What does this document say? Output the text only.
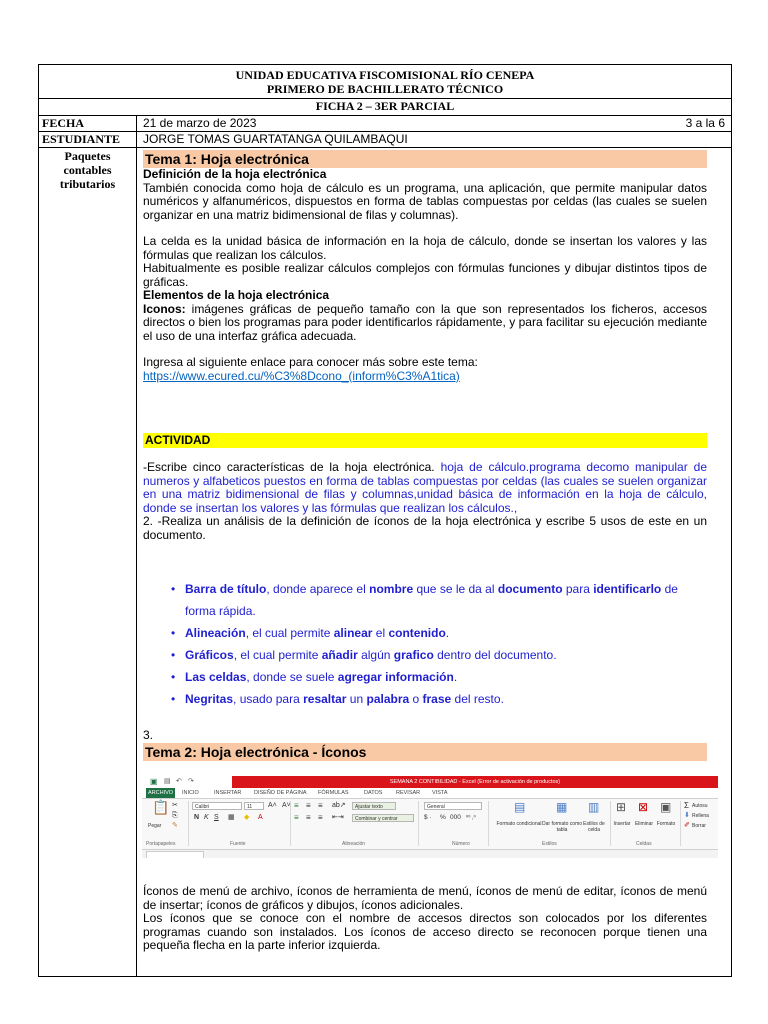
UNIDAD EDUCATIVA FISCOMISIONAL RÍO CENEPA
PRIMERO DE BACHILLERATO TÉCNICO
FICHA 2 – 3ER PARCIAL
FECHA	21 de marzo de 2023	3 a la 6
ESTUDIANTE JORGE TOMAS GUARTATANGA QUILAMBAQUI
Paquetes contables tributarios
Tema 1: Hoja electrónica
Definición de la hoja electrónica
También conocida como hoja de cálculo es un programa, una aplicación, que permite manipular datos numéricos y alfanuméricos, dispuestos en forma de tablas compuestas por celdas (las cuales se suelen organizar en una matriz bidimensional de filas y columnas).
La celda es la unidad básica de información en la hoja de cálculo, donde se insertan los valores y las fórmulas que realizan los cálculos.
Habitualmente es posible realizar cálculos complejos con fórmulas funciones y dibujar distintos tipos de gráficas.
Elementos de la hoja electrónica
Iconos: imágenes gráficas de pequeño tamaño con la que son representados los ficheros, accesos directos o bien los programas para poder identificarlos rápidamente, y para facilitar su ejecución mediante el uso de una interfaz gráfica adecuada.
Ingresa al siguiente enlace para conocer más sobre este tema:
https://www.ecured.cu/%C3%8Dcono_(inform%C3%A1tica)
ACTIVIDAD
-Escribe cinco características de la hoja electrónica. hoja de cálculo.programa decomo manipular de numeros y alfabeticos puestos en forma de tablas compuestas por celdas (las cuales se suelen organizar en una matriz bidimensional de filas y columnas,unidad básica de información en la hoja de cálculo, donde se insertan los valores y las fórmulas que realizan los cálculos.,
2. -Realiza un análisis de la definición de íconos de la hoja electrónica y escribe 5 usos de este en un documento.
• Barra de título, donde aparece el nombre que se le da al documento para identificarlo de forma rápida.
• Alineación, el cual permite alinear el contenido.
• Gráficos, el cual permite añadir algún grafico dentro del documento.
• Las celdas, donde se suele agregar información.
• Negritas, usado para resaltar un palabra o frase del resto.
3.
Tema 2: Hoja electrónica - Íconos
▣ ▤ ↶ ↷	SEMANA 2 CONTIBILIDAD - Excel (Error de activación de productos)
ARCHIVO	INICIO	INSERTAR DISEÑO DE PÁGINA FÓRMULAS	DATOS REVISAR VISTA
📋
Pegar
✂
⎘
✎
Calibri	11	A˄ A˅
N K S ▦ ◆ A
≡ ≡ ≡ ab↗	Ajustar texto
≡ ≡ ≡ ⇤⇥	Combinar y centrar
General
$ · % 000 ⁰⁰ ,⁰
▤
Formato condicional
▦
Dar formato como tabla
▥
Estilos de celda
⊞
Insertar
⊠
Eliminar
▣
Formato
Σ Autosu
⬇ Rellena
✐ Borrar
Portapapeles	Fuente	Alineación	Número	Estilos	Celdas
Íconos de menú de archivo, íconos de herramienta de menú, íconos de menú de editar, íconos de menú de insertar; íconos de gráficos y dibujos, íconos adicionales.
Los íconos que se conoce con el nombre de accesos directos son colocados por los diferentes programas cuando son instalados. Los íconos de acceso directo se reconocen porque tienen una pequeña flecha en la parte inferior izquierda.
